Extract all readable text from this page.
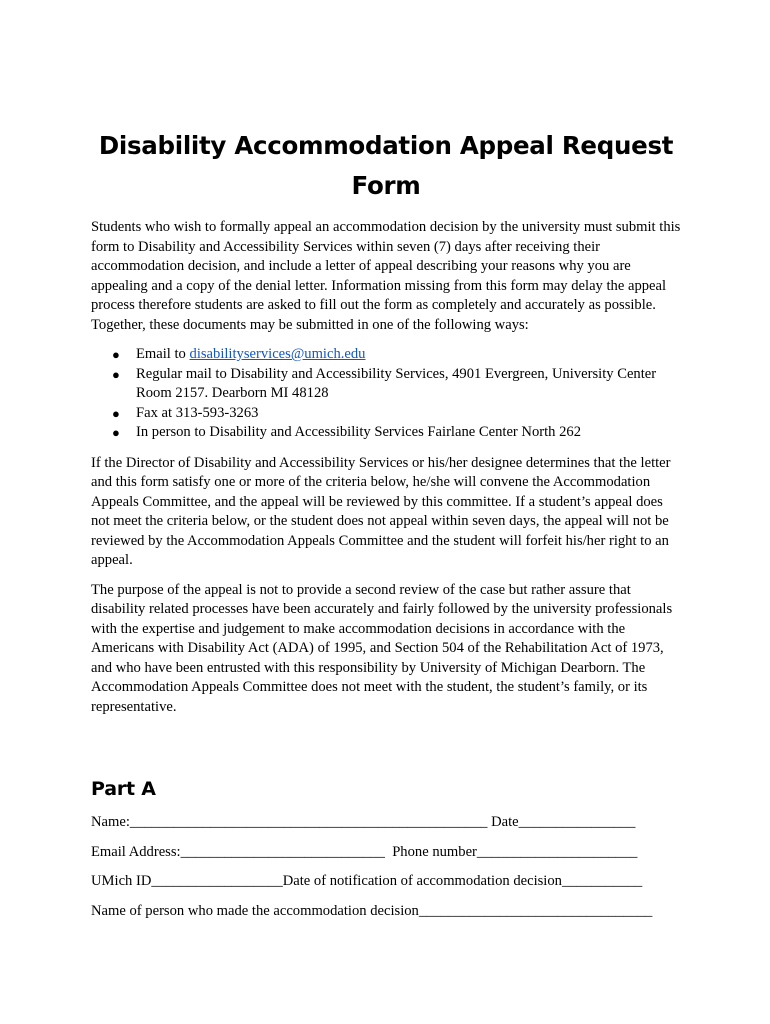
Disability Accommodation Appeal Request
Form

Students who wish to formally appeal an accommodation decision by the university must submit this form to Disability and Accessibility Services within seven (7) days after receiving their accommodation decision, and include a letter of appeal describing your reasons why you are appealing and a copy of the denial letter. Information missing from this form may delay the appeal process therefore students are asked to fill out the form as completely and accurately as possible. Together, these documents may be submitted in one of the following ways:

● Email to disabilityservices@umich.edu
● Regular mail to Disability and Accessibility Services, 4901 Evergreen, University Center Room 2157. Dearborn MI 48128
● Fax at 313-593-3263
● In person to Disability and Accessibility Services Fairlane Center North 262

If the Director of Disability and Accessibility Services or his/her designee determines that the letter and this form satisfy one or more of the criteria below, he/she will convene the Accommodation Appeals Committee, and the appeal will be reviewed by this committee. If a student’s appeal does not meet the criteria below, or the student does not appeal within seven days, the appeal will not be reviewed by the Accommodation Appeals Committee and the student will forfeit his/her right to an appeal.

The purpose of the appeal is not to provide a second review of the case but rather assure that disability related processes have been accurately and fairly followed by the university professionals with the expertise and judgement to make accommodation decisions in accordance with the Americans with Disability Act (ADA) of 1995, and Section 504 of the Rehabilitation Act of 1973, and who have been entrusted with this responsibility by University of Michigan Dearborn. The Accommodation Appeals Committee does not meet with the student, the student’s family, or its representative.

Part A
Name:_________________________________________________ Date________________
Email Address:____________________________  Phone number______________________
UMich ID__________________Date of notification of accommodation decision___________
Name of person who made the accommodation decision________________________________
